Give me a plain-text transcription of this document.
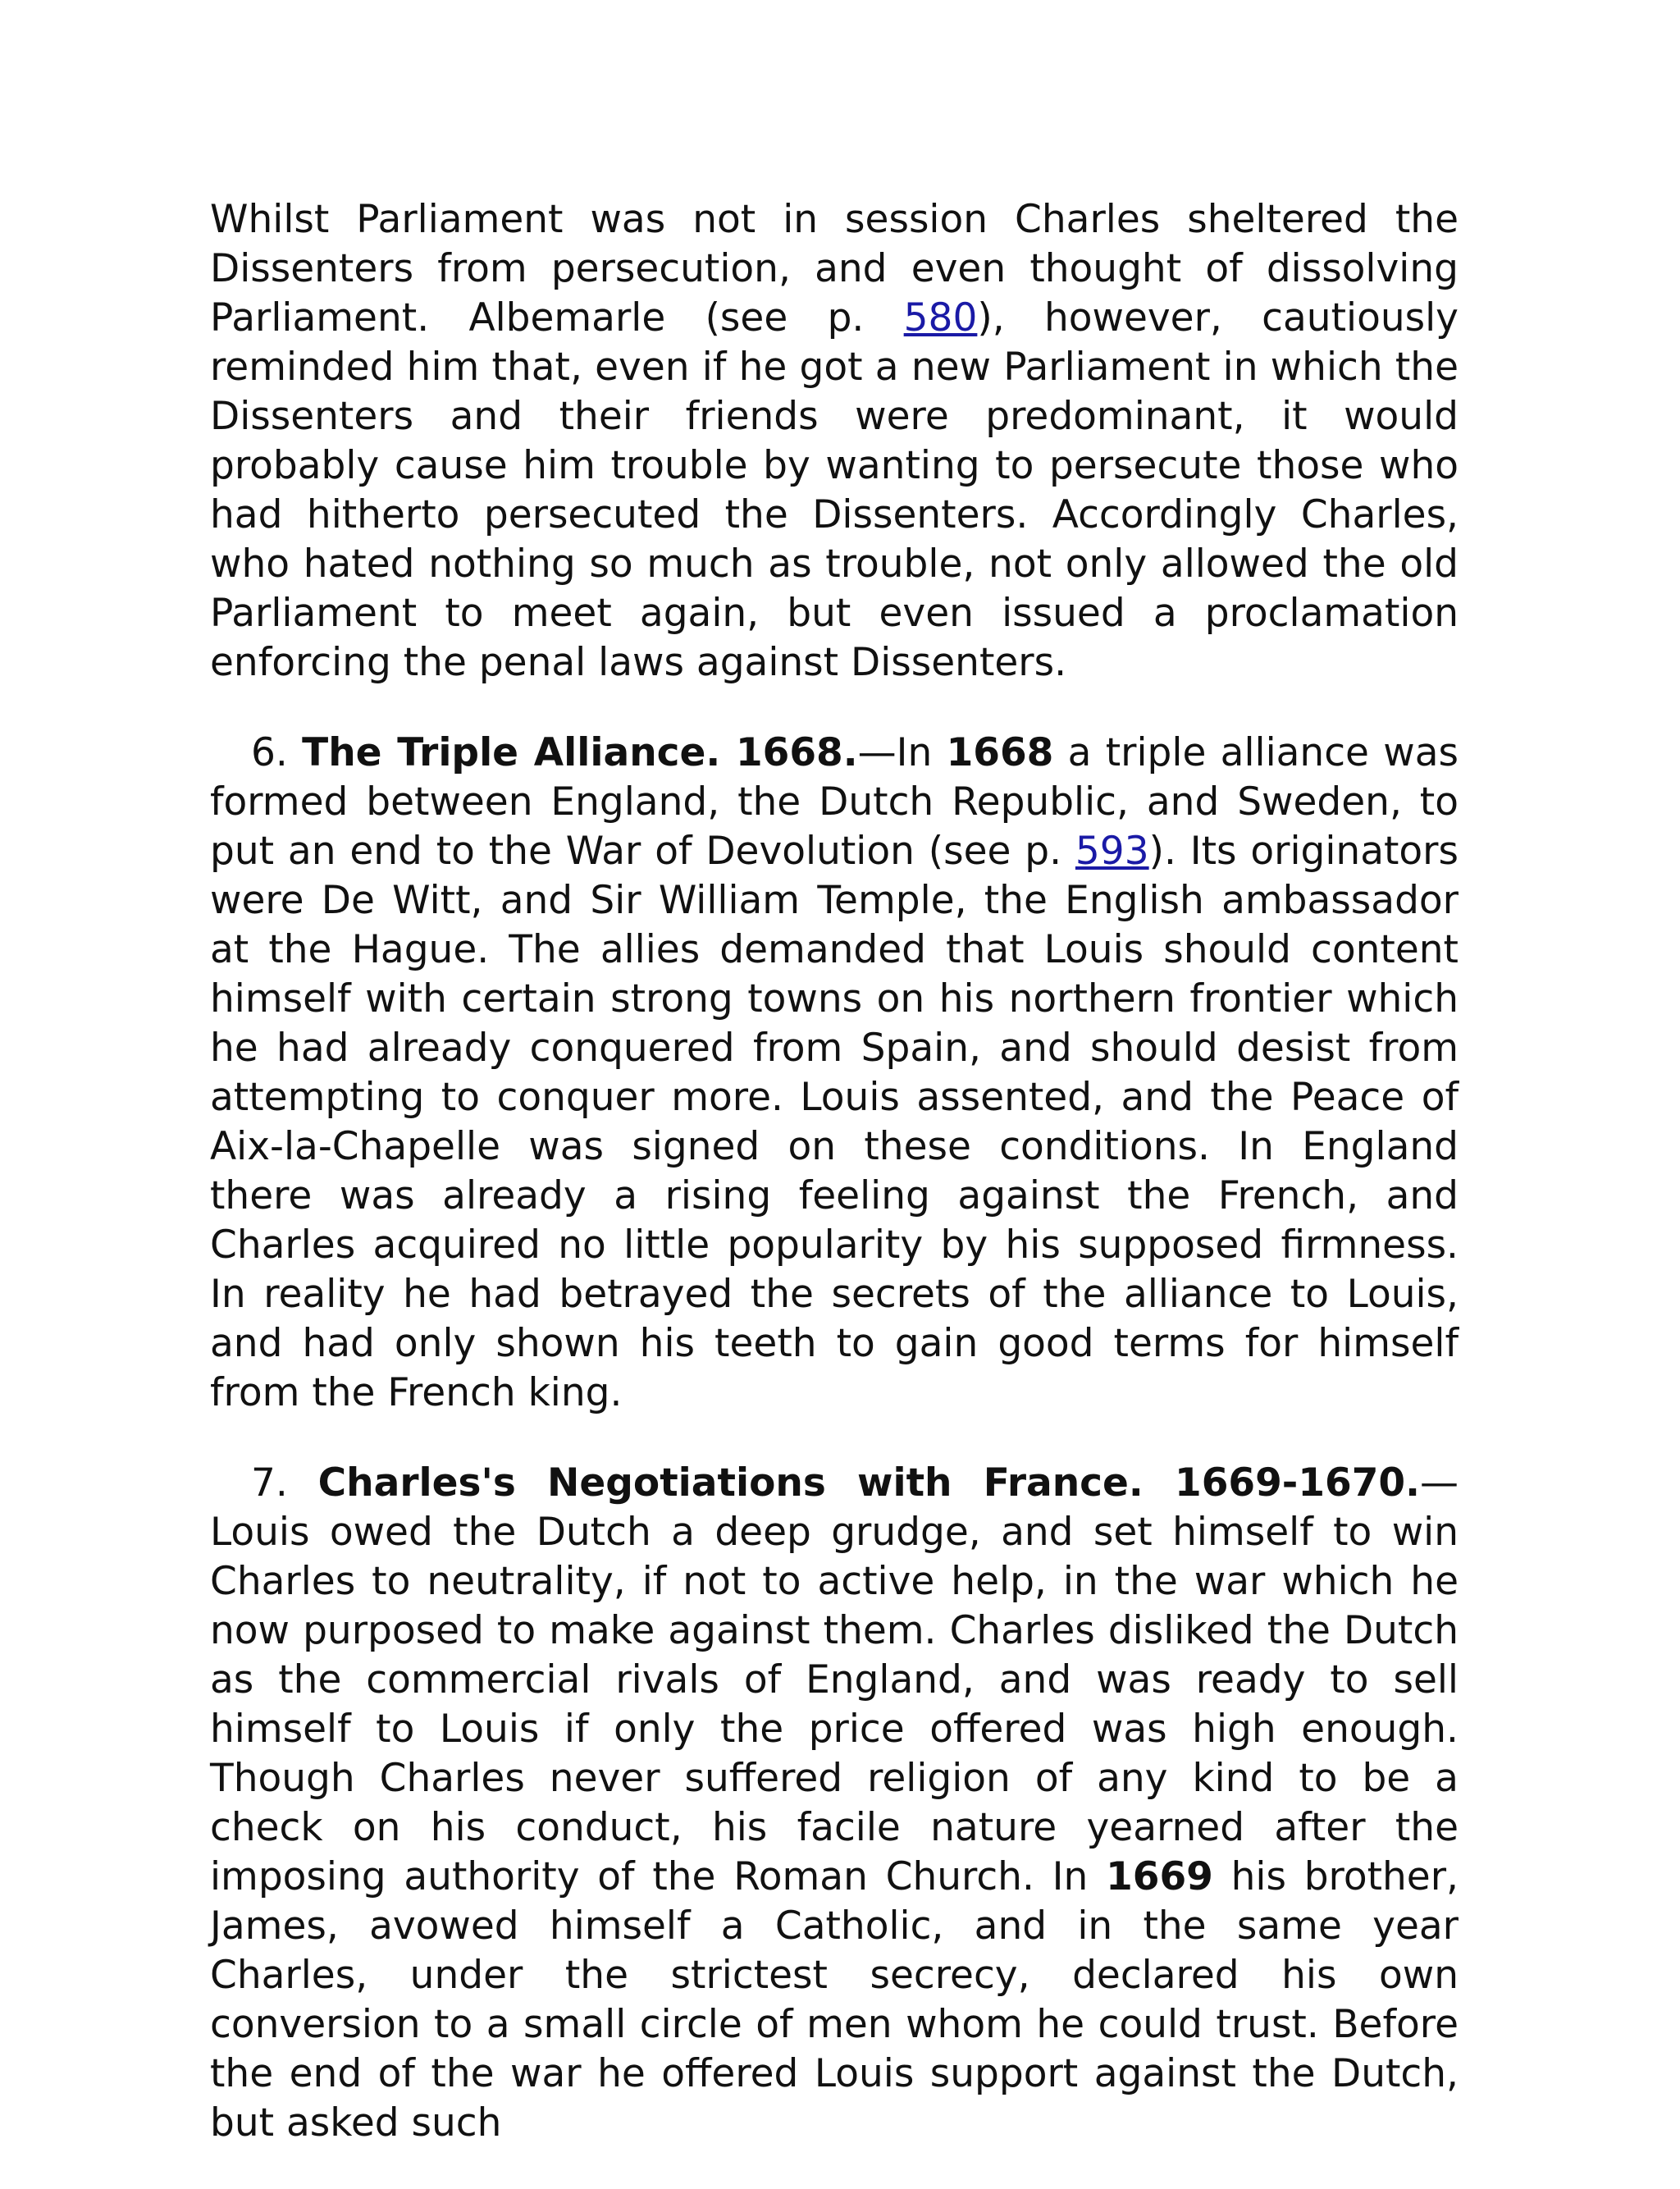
Whilst Parliament was not in session Charles sheltered the Dissenters from persecution, and even thought of dissolving Parliament. Albemarle (see p. 580), however, cautiously reminded him that, even if he got a new Parliament in which the Dissenters and their friends were predominant, it would probably cause him trouble by wanting to persecute those who had hitherto persecuted the Dissenters. Accordingly Charles, who hated nothing so much as trouble, not only allowed the old Parliament to meet again, but even issued a proclamation enforcing the penal laws against Dissenters.

6. The Triple Alliance. 1668.—In 1668 a triple alliance was formed between England, the Dutch Republic, and Sweden, to put an end to the War of Devolution (see p. 593). Its originators were De Witt, and Sir William Temple, the English ambassador at the Hague. The allies demanded that Louis should content himself with certain strong towns on his northern frontier which he had already conquered from Spain, and should desist from attempting to conquer more. Louis assented, and the Peace of Aix-la-Chapelle was signed on these conditions. In England there was already a rising feeling against the French, and Charles acquired no little popularity by his supposed firmness. In reality he had betrayed the secrets of the alliance to Louis, and had only shown his teeth to gain good terms for himself from the French king.

7. Charles's Negotiations with France. 1669-1670.—Louis owed the Dutch a deep grudge, and set himself to win Charles to neutrality, if not to active help, in the war which he now purposed to make against them. Charles disliked the Dutch as the commercial rivals of England, and was ready to sell himself to Louis if only the price offered was high enough. Though Charles never suffered religion of any kind to be a check on his conduct, his facile nature yearned after the imposing authority of the Roman Church. In 1669 his brother, James, avowed himself a Catholic, and in the same year Charles, under the strictest secrecy, declared his own conversion to a small circle of men whom he could trust. Before the end of the war he offered Louis support against the Dutch, but asked such
